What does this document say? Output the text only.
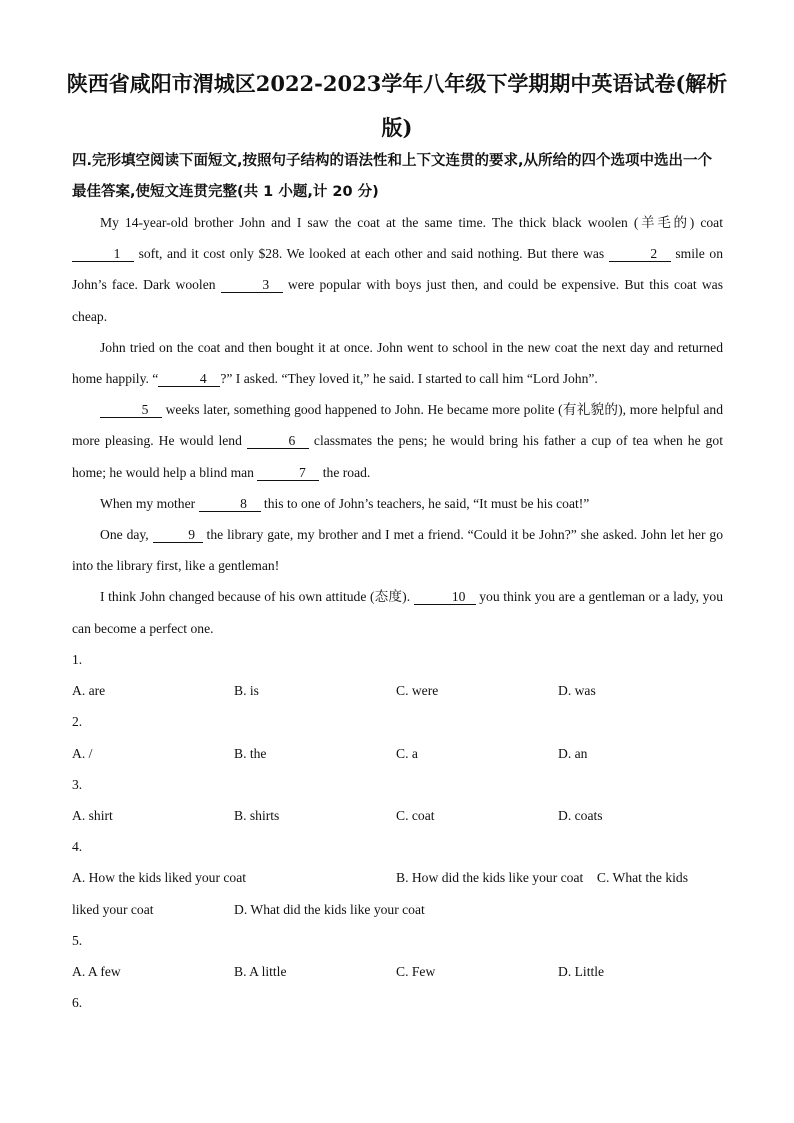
陕西省咸阳市渭城区2022-2023学年八年级下学期期中英语试卷(解析版)
四.完形填空阅读下面短文,按照句子结构的语法性和上下文连贯的要求,从所给的四个选项中选出一个最佳答案,使短文连贯完整(共 1 小题,计 20 分)

My 14-year-old brother John and I saw the coat at the same time. The thick black woolen (羊毛的) coat 1 soft, and it cost only $28. We looked at each other and said nothing. But there was	2 smile on John’s face. Dark woolen	3 were popular with boys just then, and could be expensive. But this coat was cheap.

John tried on the coat and then bought it at once. John went to school in the new coat the next day and returned home happily. “	4 ?” I asked. “They loved it,” he said. I started to call him “Lord John”.

5 weeks later, something good happened to John. He became more polite (有礼貌的), more helpful and more pleasing. He would lend	6 classmates the pens; he would bring his father a cup of tea when he got home; he would help a blind man	7 the road.

When my mother	8 this to one of John’s teachers, he said, “It must be his coat!”

One day,	9 the library gate, my brother and I met a friend. “Could it be John?” she asked. John let her go into the library first, like a gentleman!

I think John changed because of his own attitude (态度).	10 you think you are a gentleman or a lady, you can become a perfect one.

1.
A. are	B. is	C. were	D. was
2.
A. /	B. the	C. a	D. an
3.
A. shirt	B. shirts	C. coat	D. coats
4.
A. How the kids liked your coat	B. How did the kids like your coat C. What the kids
liked your coat	D. What did the kids like your coat
5.
A. A few	B. A little	C. Few	D. Little
6.
